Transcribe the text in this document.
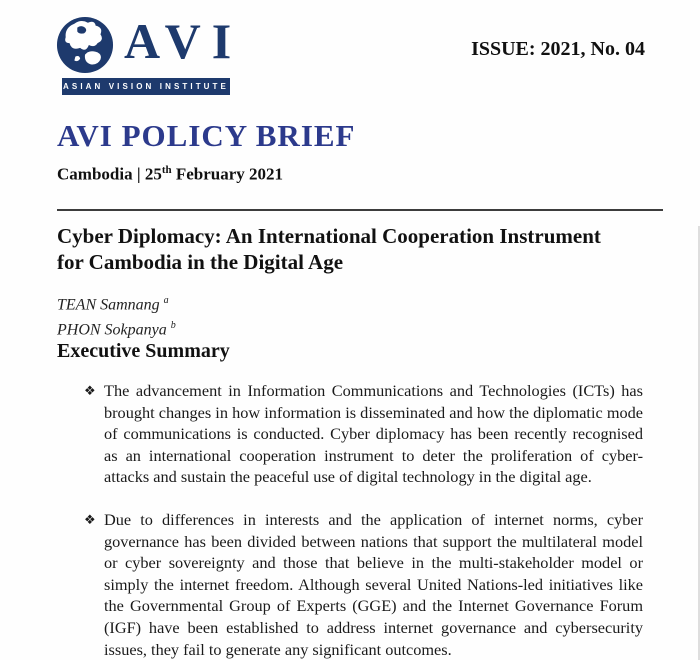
AVI
ASIAN VISION INSTITUTE
ISSUE: 2021, No. 04
AVI POLICY BRIEF
Cambodia | 25th February 2021
Cyber Diplomacy: An International Cooperation Instrument
for Cambodia in the Digital Age
TEAN Samnang $^a$
PHON Sokpanya $^b$
Executive Summary
❖ The advancement in Information Communications and Technologies (ICTs) has brought changes in how information is disseminated and how the diplomatic mode of communications is conducted. Cyber diplomacy has been recently recognised as an international cooperation instrument to deter the proliferation of cyber-attacks and sustain the peaceful use of digital technology in the digital age.
❖ Due to differences in interests and the application of internet norms, cyber governance has been divided between nations that support the multilateral model or cyber sovereignty and those that believe in the multi-stakeholder model or simply the internet freedom. Although several United Nations-led initiatives like the Governmental Group of Experts (GGE) and the Internet Governance Forum (IGF) have been established to address internet governance and cybersecurity issues, they fail to generate any significant outcomes.
